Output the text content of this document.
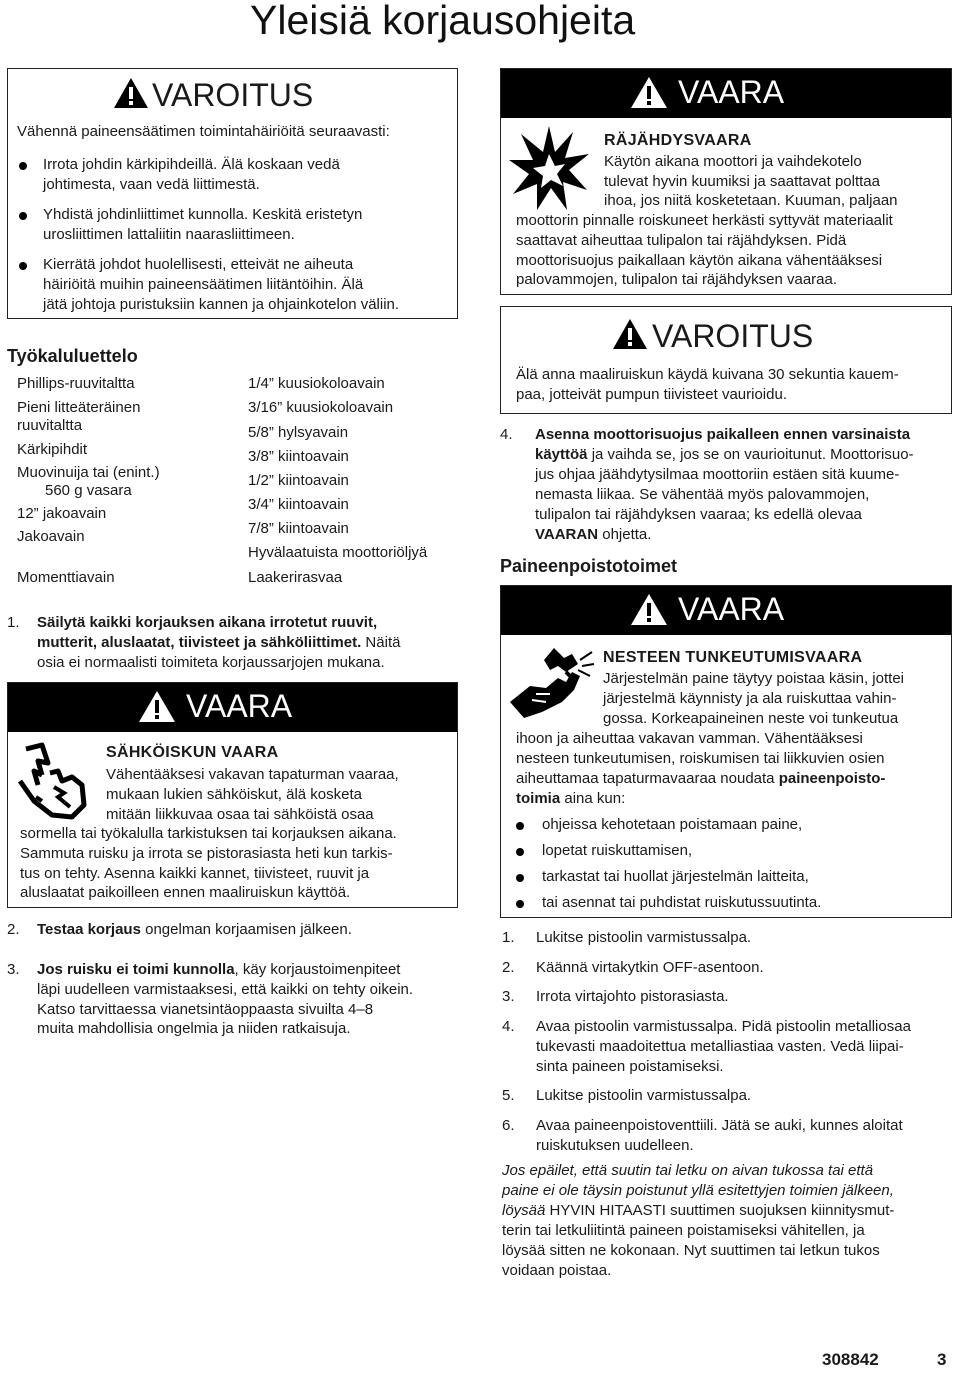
Yleisiä korjausohjeita
VAROITUS
Vähennä paineensäätimen toimintahäiriöitä seuraavasti:
Irrota johdin kärkipihdeillä. Älä koskaan vedä
johtimesta, vaan vedä liittimestä.
Yhdistä johdinliittimet kunnolla. Keskitä eristetyn
urosliittimen lattaliitin naarasliittimeen.
Kierrätä johdot huolellisesti, etteivät ne aiheuta
häiriöitä muihin paineensäätimen liitäntöihin. Älä
jätä johtoja puristuksiin kannen ja ohjainkotelon väliin.
Työkaluluettelo
Phillips-ruuvitaltta
Pieni litteäteräinen
ruuvitaltta
Kärkipihdit
Muovinuija tai (enint.)
560 g vasara
12” jakoavain
Jakoavain
Momenttiavain
1/4” kuusiokoloavain
3/16” kuusiokoloavain
5/8” hylsyavain
3/8” kiintoavain
1/2” kiintoavain
3/4” kiintoavain
7/8” kiintoavain
Hyvälaatuista moottoriöljyä
Laakerirasvaa
1. Säilytä kaikki korjauksen aikana irrotetut ruuvit,
mutterit, aluslaatat, tiivisteet ja sähköliittimet. Näitä
osia ei normaalisti toimiteta korjaussarjojen mukana.
VAARA
SÄHKÖISKUN VAARA
Vähentääksesi vakavan tapaturman vaaraa,
mukaan lukien sähköiskut, älä kosketa
mitään liikkuvaa osaa tai sähköistä osaa
sormella tai työkalulla tarkistuksen tai korjauksen aikana.
Sammuta ruisku ja irrota se pistorasiasta heti kun tarkis-
tus on tehty. Asenna kaikki kannet, tiivisteet, ruuvit ja
aluslaatat paikoilleen ennen maaliruiskun käyttöä.
2. Testaa korjaus ongelman korjaamisen jälkeen.
3. Jos ruisku ei toimi kunnolla, käy korjaustoimenpiteet
läpi uudelleen varmistaaksesi, että kaikki on tehty oikein.
Katso tarvittaessa vianetsintäoppaasta sivuilta 4–8
muita mahdollisia ongelmia ja niiden ratkaisuja.
VAARA
RÄJÄHDYSVAARA
Käytön aikana moottori ja vaihdekotelo
tulevat hyvin kuumiksi ja saattavat polttaa
ihoa, jos niitä kosketetaan. Kuuman, paljaan
moottorin pinnalle roiskuneet herkästi syttyvät materiaalit
saattavat aiheuttaa tulipalon tai räjähdyksen. Pidä
moottorisuojus paikallaan käytön aikana vähentääksesi
palovammojen, tulipalon tai räjähdyksen vaaraa.
VAROITUS
Älä anna maaliruiskun käydä kuivana 30 sekuntia kauem-
paa, jotteivät pumpun tiivisteet vaurioidu.
4. Asenna moottorisuojus paikalleen ennen varsinaista
käyttöä ja vaihda se, jos se on vaurioitunut. Moottorisuo-
jus ohjaa jäähdytysilmaa moottoriin estäen sitä kuume-
nemasta liikaa. Se vähentää myös palovammojen,
tulipalon tai räjähdyksen vaaraa; ks edellä olevaa
VAARAN ohjetta.
Paineenpoistotoimet
VAARA
NESTEEN TUNKEUTUMISVAARA
Järjestelmän paine täytyy poistaa käsin, jottei
järjestelmä käynnisty ja ala ruiskuttaa vahin-
gossa. Korkeapaineinen neste voi tunkeutua
ihoon ja aiheuttaa vakavan vamman. Vähentääksesi
nesteen tunkeutumisen, roiskumisen tai liikkuvien osien
aiheuttamaa tapaturmavaaraa noudata paineenpoisto-
toimia aina kun:
ohjeissa kehotetaan poistamaan paine,
lopetat ruiskuttamisen,
tarkastat tai huollat järjestelmän laitteita,
tai asennat tai puhdistat ruiskutussuutinta.
1. Lukitse pistoolin varmistussalpa.
2. Käännä virtakytkin OFF-asentoon.
3. Irrota virtajohto pistorasiasta.
4. Avaa pistoolin varmistussalpa. Pidä pistoolin metalliosaa
tukevasti maadoitettua metalliastiaa vasten. Vedä liipai-
sinta paineen poistamiseksi.
5. Lukitse pistoolin varmistussalpa.
6. Avaa paineenpoistoventtiili. Jätä se auki, kunnes aloitat
ruiskutuksen uudelleen.
Jos epäilet, että suutin tai letku on aivan tukossa tai että
paine ei ole täysin poistunut yllä esitettyjen toimien jälkeen,
löysää HYVIN HITAASTI suuttimen suojuksen kiinnitysmut-
terin tai letkuliitintä paineen poistamiseksi vähitellen, ja
löysää sitten ne kokonaan. Nyt suuttimen tai letkun tukos
voidaan poistaa.
308842	3
